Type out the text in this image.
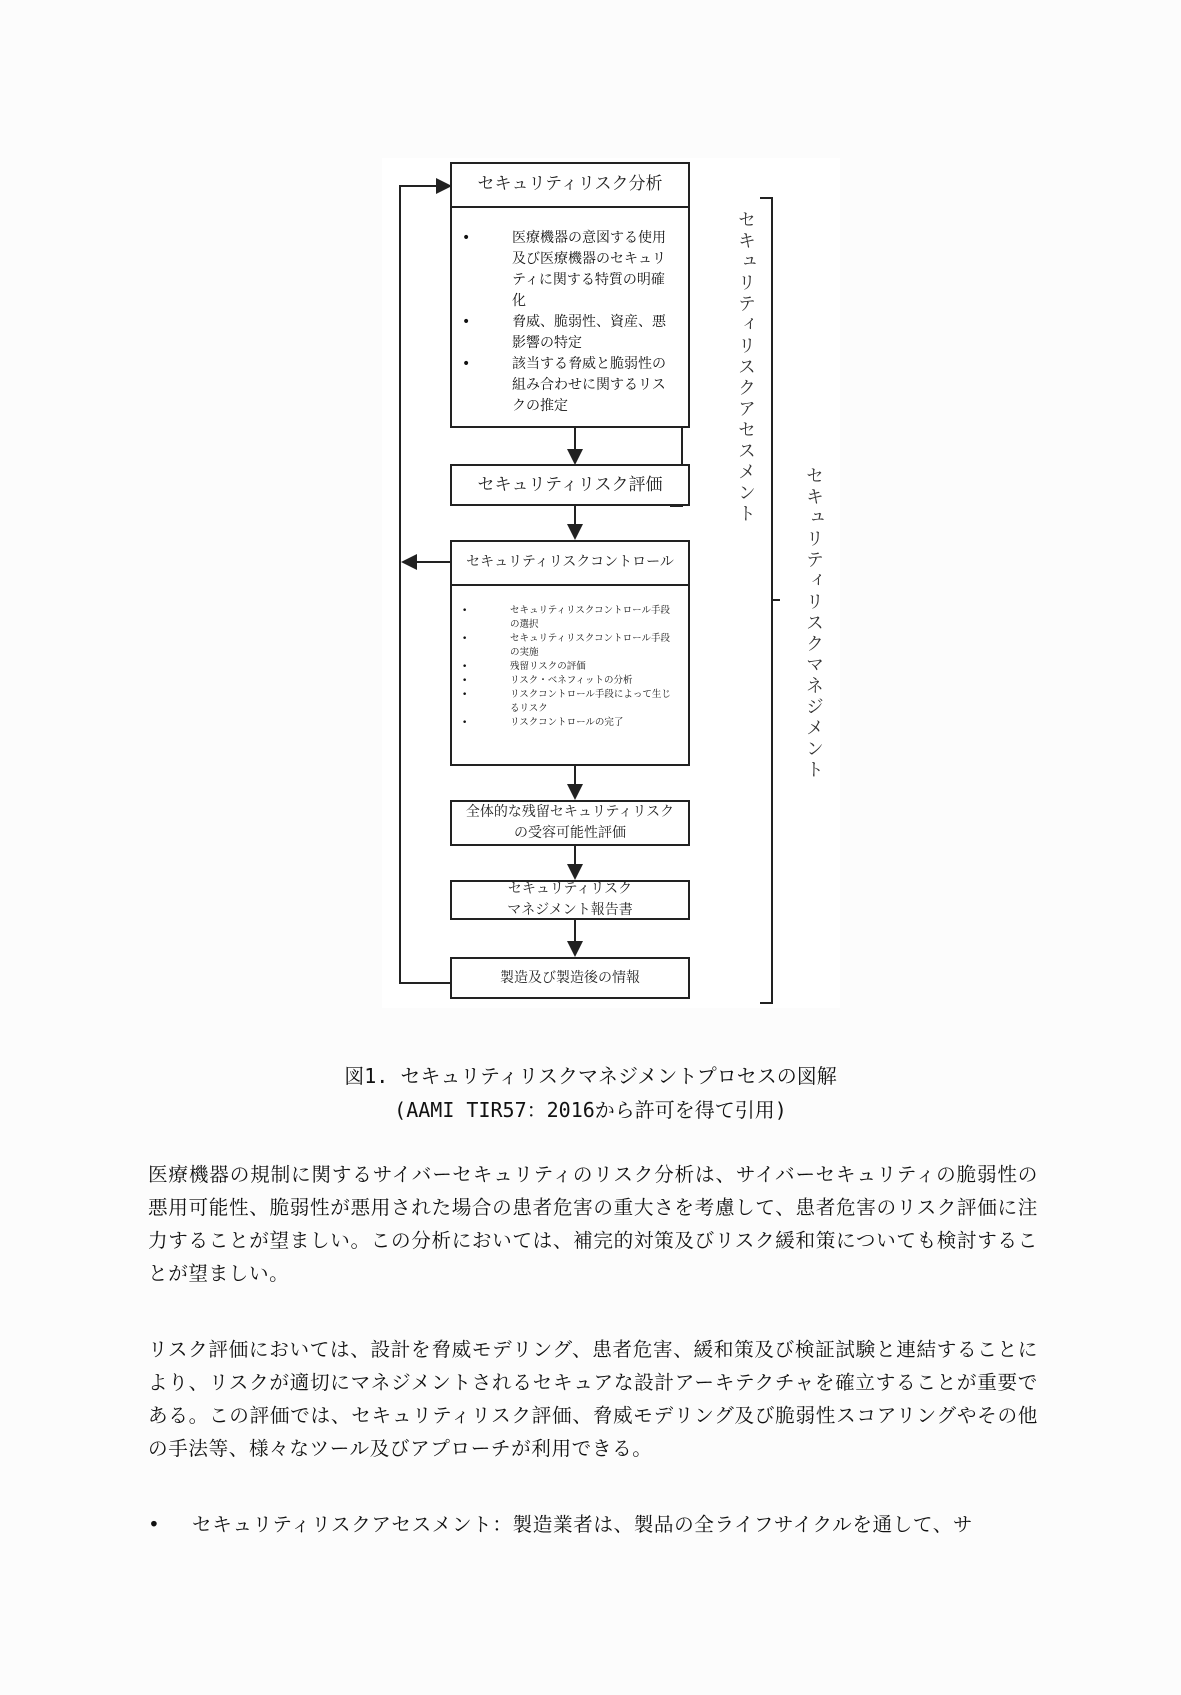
セキュリティリスク分析
•	医療機器の意図する使用及び医療機器のセキュリティに関する特質の明確化
•	脅威、脆弱性、資産、悪影響の特定
•	該当する脅威と脆弱性の組み合わせに関するリスクの推定
セキュリティリスク評価
セキュリティリスクコントロール
•	セキュリティリスクコントロール手段の選択
•	セキュリティリスクコントロール手段の実施
•	残留リスクの評価
•	リスク・ベネフィットの分析
•	リスクコントロール手段によって生じるリスク
•	リスクコントロールの完了
全体的な残留セキュリティリスクの受容可能性評価
セキュリティリスク
マネジメント報告書
製造及び製造後の情報
セキュリティリスクアセスメント
セキュリティリスクマネジメント
図1. セキュリティリスクマネジメントプロセスの図解
(AAMI TIR57：2016から許可を得て引用)

医療機器の規制に関するサイバーセキュリティのリスク分析は、サイバーセキュリティの脆弱性の悪用可能性、脆弱性が悪用された場合の患者危害の重大さを考慮して、患者危害のリスク評価に注力することが望ましい。この分析においては、補完的対策及びリスク緩和策についても検討することが望ましい。

リスク評価においては、設計を脅威モデリング、患者危害、緩和策及び検証試験と連結することにより、リスクが適切にマネジメントされるセキュアな設計アーキテクチャを確立することが重要である。この評価では、セキュリティリスク評価、脅威モデリング及び脆弱性スコアリングやその他の手法等、様々なツール及びアプローチが利用できる。

• セキュリティリスクアセスメント：製造業者は、製品の全ライフサイクルを通して、サ
